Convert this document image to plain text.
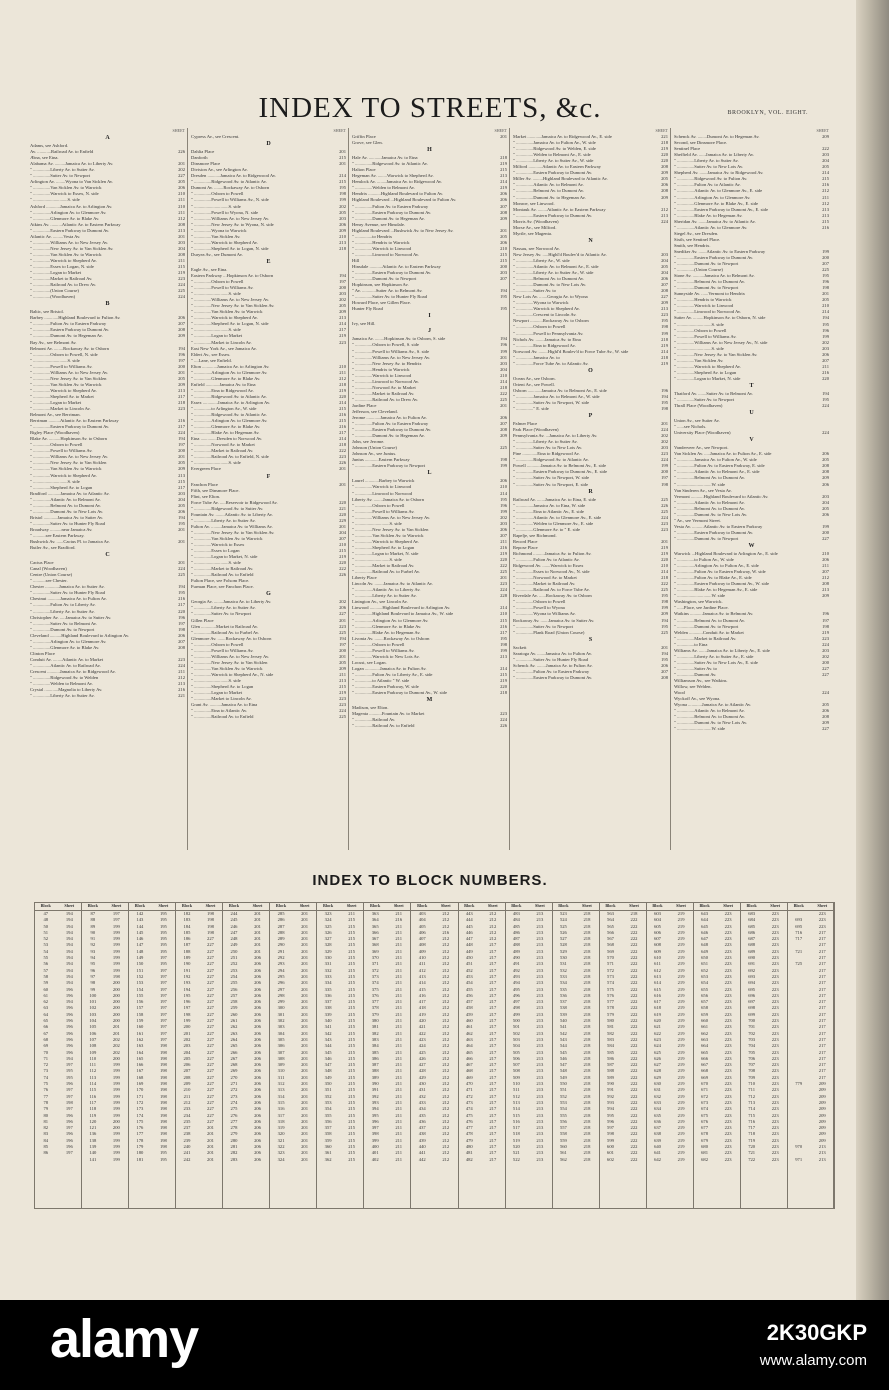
INDEX TO STREETS, &c.	BROOKLYN, VOL. EIGHT.
SHEET
A
Adams, see Ashford.
Av. ............Railroad Av. to Enfield	226
Ætna, see Etna.
Alabama Av. .........Jamaica Av. to Liberty Av.	201
" ...............Liberty Av. to Sutter Av.	202
" ...............Sutter Av. to Newport	227
Arlington Av. ........Wyona to Van Sicklen Av.	205
" ...............Van Sicklen Av. to Warwick	206
" ...............Warwick to Essex, N. side	210
" ..............................S. side	211
Ashford ............Jamaica Av. to Arlington Av.	210
" ...............Arlington Av. to Glenmore Av.	211
" ...............Glenmore Av. to Blake Av.	212
Atkins Av. ..........Atlantic Av. to Eastern Parkway	208
" ...............Eastern Parkway to Dumont Av.	213
Atlantic Av. .........Vesta Av.	201
" ...............Williams Av. to New Jersey Av.	203
" ...............New Jersey Av. to Van Sicklen Av.	204
" ...............Van Sicklen Av. to Warwick	208
" ...............Warwick to Shepherd Av.	211
" ...............Essex to Logan, N. side	215
" ...............Logan to Market	219
" ...............Market to Railroad Av.	223
" ...............Railroad Av. to Drew Av.	224
" ...............(Union Course)	225
" ...............(Woodhaven)	224
B
Baltic, see Bristol.
Barbey ............Highland Boulevard to Fulton Av.	206
" ...............Fulton Av. to Eastern Parkway	207
" ...............Eastern Parkway to Dumont Av.	208
" ...............Dumont Av. to Hegeman Av.	209
Bay Av., see Belmont Av.
Belmont Av. ........Rockaway Av. to Osborn	194
" ...............Osborn to Powell, N. side	196
" ..............................S. side	197
" ...............Powell to Williams Av.	200
" ...............Williams Av. to New Jersey Av.	201
" ...............New Jersey Av. to Van Sicklen	205
" ...............Van Sicklen Av. to Warwick	209
" ...............Warwick to Shepherd Av.	213
" ...............Shepherd Av. to Market	217
" ...............Logan to Market	218
" ...............Market to Lincoln Av.	223
Belmont Av., see Berriman.
Berriman ..........Atlantic Av. to Eastern Parkway	216
" ...............Eastern Parkway to Dumont Av.	217
Bigley Place (Woodhaven)	224
Blake Av. ..........Hopkinson Av. to Osborn	194
" ...............Osborn to Powell	197
" ...............Powell to Williams Av.	200
" ...............Williams Av. to New Jersey Av.	201
" ...............New Jersey Av. to Van Sicklen	205
" ...............Van Sicklen Av. to Warwick	209
" ...............Warwick to Shepherd Av.	213
" ..............................S. side	215
" ...............Shepherd Av. to Logan	217
Bradford ...........Jamaica Av. to Atlantic Av.	203
" ...............Atlantic Av. to Belmont Av.	204
" ...............Belmont Av. to Dumont Av.	205
" ...............Dumont Av. to New Lots Av.	206
Bristol ............Jamaica Av. to Sutter Av.	194
" ...............Sutter Av. to Hunter Fly Road	195
Broadway ..........near Jamaica Av.	201
" ...........see Eastern Parkway.
Bushwick Av. ......Cactus Pl. to Jamaica Av.	201
Butler Av., see Bradford.
C
Cactus Place	201
Canal (Woodhaven)	224
Centre (Union Course)	225
" ...........see Chester.
Chester ............Jamaica Av. to Sutter Av.	194
" ...............Sutter Av. to Hunter Fly Road	195
Chestnut ...........Jamaica Av. to Fulton Av.	216
" ...............Fulton Av. to Liberty Av.	217
" ...............Liberty Av. to Sutter Av.	220
Christopher Av. .....Jamaica Av. to Sutter Av.	196
" ...............Sutter Av. to Belmont Av.	197
" ...............Dumont Av. to Newport	198
Cleveland ..........Highland Boulevard to Arlington Av.	206
" ...............Arlington Av. to Glenmore Av.	207
" ...............Glenmore Av. to Blake Av.	208
Clinton Place
Conduit Av. ........Atlantic Av. to Market	223
" ...............Atlantic Av. to Railroad Av.	224
Crescent ...........Jamaica Av. to Ridgewood Av.	211
" ...............Ridgewood Av. to Welden	212
" ...............Welden to Belmont Av.	213
Crystal ............Magnolia to Liberty Av.	216
" ...............Liberty Av. to Sutter Av.	221
SHEET
Cypress Av., see Crescent.
D
Dahlia Place	201
Danforth	215
Dinsmore Place	201
Division Av., see Arlington Av.
Dresden ...........Jamaica Av. to Ridgewood Av.	214
" ...............Ridgewood Av. to Atlantic Av.	215
Dumont Av. ........Rockaway Av. to Osborn	195
" ...............Osborn to Powell	198
" ...............Powell to Williams Av., N. side	199
" ..............................S. side	202
" ...............Powell to Wyona, N. side	205
" ...............Williams Av. to New Jersey Av.	203
" ...............New Jersey Av. to Wyona, N. side	206
" ...............Wyona to Warwick	209
" ...............Van Sicklen Av.	210
" ...............Warwick to Shepherd Av.	213
" ...............Shepherd Av. to Logan, N. side	218
Duryea Av., see Dumont Av.
E
Eagle Av., see Etna.
Eastern Parkway ...Hopkinson Av. to Osborn	194
" ...............Osborn to Powell	197
" ...............Powell to Williams Av.	200
" ..............................S. side	203
" ...............Williams Av. to New Jersey Av.	202
" ...............New Jersey Av. to Van Sicklen Av.	205
" ...............Van Sicklen Av. to Warwick	209
" ...............Warwick to Shepherd Av.	213
" ...............Shepherd Av. to Logan, N. side	214
" ..............................S. side	217
" ...............Logan to Market	219
" ...............Market to Lincoln Av.	223
East New York Av., see Jamaica Av.
Eldert Av., see Essex.
" ....Lane, see Enfield.
Elton .............Jamaica Av. to Arlington Av.	210
" ...............Arlington Av. to Glenmore Av.	211
" ...............Glenmore Av. to Blake Av.	212
Enfield ............Jamaica Av. to Etna	218
" ...............Etna to Ridgewood Av.	219
" ...............Ridgewood Av. to Atlantic Av.	220
Essex .............Jamaica Av. to Arlington Av.	214
" ...............to Arlington Av., W. side	215
" ...............Ridgewood Av. to Atlantic Av.	216
" ...............Arlington Av. to Glenmore Av.	215
" ...............Glenmore Av. to Blake Av.	216
" ...............Blake Av. to Hegeman Av.	217
Etna ..............Dresden to Norwood Av.	214
" ...............Norwood Av. to Market	218
" ...............Market to Railroad Av.	222
" ...............Railroad Av. to Enfield, N. side	223
" ..............................S. side	226
Evergreen Place	201
F
Fanchon Place	201
Fifth, see Dinsmore Place.
Flint, see Elton.
Force Tube Av. .....Reservoir to Ridgewood Av.	220
" ...............Ridgewood Av. to Sutter Av.	221
Fountain Av. ........Atlantic Av. to Liberty Av.	220
" ...............Liberty Av. to Sutter Av.	229
Fulton Av. .........Jamaica Av. to Williams Av.	201
" ...............New Jersey Av. to Van Sicklen Av.	204
" ...............Van Sicklen Av. to Warwick	207
" ...............Warwick to Essex	210
" ...............Essex to Logan	215
" ...............Logan to Market, N. side	219
" ..............................S. side	220
" ...............Market to Railroad Av.	222
" ...............Railroad Av. to Enfield	226
Fulton Place, see Folsom Place.
Furman Place, see Fanchon Place.
G
Georgia Av. ........Jamaica Av. to Liberty Av.	202
" ...............Liberty Av. to Sutter Av.	206
" ...............Sutter Av. to Newport	227
Gillen Place	201
Glen .............Market to Railroad Av.	223
" ...............Railroad Av. to Furbel Av.	225
Glenmore Av. .......Rockaway Av. to Osborn	194
" ...............Osborn to Powell	197
" ...............Powell to Williams Av.	200
" ...............Williams Av. to New Jersey Av.	201
" ...............New Jersey Av. to Van Sicklen	205
" ...............Van Sicklen Av. to Warwick	209
" ...............Warwick to Shepherd Av., N. side	211
" ..............................S. side	213
" ...............Shepherd Av. to Logan	215
" ...............Logan to Market	219
" ...............Market to Lincoln Av.	223
Grant Av. ..........Jamaica Av. to Etna	223
" ...............Etna to Atlantic Av.	224
" ...............Railroad Av. to Enfield	225
SHEET
Griffin Place	201
Grove, see Glen.
H
Hale Av. ...........Jamaica Av. to Etna	218
" ...............Ridgewood Av. to Atlantic Av.	219
Halton Place	215
Hegeman Av. ........Warwick to Shepherd Av.	213
Hemlock Av. ........Jamaica Av. to Ridgewood Av.	214
" ...............Welden to Belmont Av.	219
Hendrix ...........Highland Boulevard to Fulton Av.	206
Highland Boulevard ...Highland Boulevard to Fulton Av.	206
" ...............Fulton Av. to Eastern Parkway	207
" ...............Eastern Parkway to Dumont Av.	208
" ...............Dumont Av. to Hegeman Av.	209
Henry Avenue, see Hinsdale.
Highland Boulevard ...Bushwick Av. to New Jersey Av.	201
" ...............to Hendrix	205
" ...............Hendrix to Warwick	206
" ...............Warwick to Linwood	210
" ...............Linwood to Norwood Av.	215
Hill	215
Hinsdale ...........Atlantic Av. to Eastern Parkway	200
" ...............Eastern Parkway to Dumont Av.	203
" ...............Dumont Av. to Newport	207
Hopkinson, see Hopkinson Av.
" Av. ............Sutter Av. to Belmont Av.	194
" ...............Sutter Av. to Hunter Fly Road	195
Howard Place, see Gillen Place.
Hunter Fly Road	195
I
Ivy, see Hill.
J
Jamaica Av. ........Hopkinson Av. to Osborn, S. side	194
" ...............Osborn to Powell, S. side	196
" ...............Powell to Williams Av., S. side	199
" ...............Williams Av. to New Jersey Av.	201
" ...............New Jersey Av. to Hendrix	203
" ...............Hendrix to Warwick	204
" ...............Warwick to Linwood	210
" ...............Linwood to Norwood Av.	214
" ...............Norwood Av. to Market	218
" ...............Market to Railroad Av.	222
" ...............Railroad Av. to Drew Av.	225
Jardine Place	201
Jefferson, see Cleveland.
Jerome ............Jamaica Av. to Fulton Av.	206
" ...............Fulton Av. to Eastern Parkway	207
" ...............Eastern Parkway to Dumont Av.	208
" ...............Dumont Av. to Hegeman Av.	209
John, see Jerome.
Johnson (Union Course)	225
Johnson Av., see Junius.
Junius ............Eastern Parkway	198
" ...............Eastern Parkway to Newport	199
L
Laurel ............Barbey to Warwick	206
" ...............Warwick to Linwood	210
" ...............Linwood to Norwood	214
Liberty Av. ........Jamaica Av. to Osborn	195
" ...............Osborn to Powell	196
" ...............Powell to Williams Av.	199
" ...............Williams Av. to New Jersey Av.	202
" ..............................S. side	203
" ...............New Jersey Av. to Van Sicklen	206
" ...............Van Sicklen Av. to Warwick	207
" ...............Warwick to Shepherd Av.	211
" ...............Shepherd Av. to Logan	216
" ...............Logan to Market, N. side	219
" ..............................S. side	220
" ...............Market to Railroad Av.	222
" ...............Railroad Av. to Furbel Av.	225
Liberty Place	201
Lincoln Av. ........Jamaica Av. to Atlantic Av.	223
" ...............Atlantic Av. to Liberty Av.	224
" ...............Liberty Av. to Sutter Av.	228
Linington Av., see Lincoln Av.
Linwood ...........Highland Boulevard to Arlington Av.	214
" ...............Highland Boulevard to Jamaica Av., W. side	210
" ...............Arlington Av. to Glenmore Av.	215
" ...............Glenmore Av. to Blake Av.	216
" ...............Blake Av. to Hegeman Av.	217
Livonia Av. ........Rockaway Av. to Osborn	195
" ...............Osborn to Powell	198
" ...............Powell to Williams Av.	199
" ...............Warwick to New Lots Av.	213
Locust, see Logan.
Logan .............Jamaica Av. to Fulton Av.	214
" ...............Fulton Av. to Liberty Av., E. side	215
" ...............to Atlantic " W. side	219
" ...............Eastern Parkway, W. side	220
" ...............Eastern Parkway to Dumont Av., W. side	218
M
Madison, see Elton.
Magenta ...........Fountain Av. to Market	223
" ...............Railroad Av.	224
" ...............Railroad Av. to Enfield	226
SHEET
Market ............Jamaica Av. to Ridgewood Av., E. side	221
" ...............Jamaica Av. to Fulton Av., W. side	218
" ...............Ridgewood Av. to Welden, E. side	219
" ...............Welden to Belmont Av., E. side	220
" ...............Liberty Av. to Sutter Av., W. side	220
Milford ............Atlantic Av. to Eastern Parkway	208
" ...............Eastern Parkway to Dumont Av.	209
Miller Av. .........Highland Boulevard to Atlantic Av.	205
" ...............Atlantic Av. to Belmont Av.	206
" ...............Belmont Av. to Dumont Av.	208
" ...............Dumont Av. to Hegeman Av.	209
Monroe, see Linwood.
Montauk Av. ........Atlantic Av. to Eastern Parkway	212
" ...............Eastern Parkway to Dumont Av.	213
Morris Av. (Woodhaven)	224
Morse Av., see Milford.
Myrtle, see Magenta.
N
Nassau, see Norwood Av.
New Jersey Av. .....Highl'd Boulev'd to Atlantic Av.	203
" ...............Liberty Av., W. side	204
" ...............Atlantic Av. to Belmont Av., E. side	205
" ...............Liberty Av. to Sutter Av., W. side	204
" ...............Belmont Av. to Dumont Av.	206
" ...............Dumont Av. to New Lots Av.	207
" ...............Sutter Av. to	208
New Lots Av. .......Georgia Av. to Wyona	227
" ...............Wyona to Warwick	209
" ...............Warwick to Shepherd Av.	213
" ...............Crescent to Lincoln Av.	223
Newport ...........Rockaway Av. to Osborn	195
" ...............Osborn to Powell	198
" ...............Powell to Pennsylvania Av.	199
Nichols Av. ........Jamaica Av. to Etna	218
" ...............Etna to Ridgewood Av.	219
Norwood Av. ........Highl'd Boulev'd to Force Tube Av., W. side	214
" ...............Jamaica Av. to	218
" ...............Force Tube Av. to Atlantic Av.	219
O
Ocean Av., see Osborn.
Orient Av., see Powell.
Osborn ............Jamaica Av. to Belmont Av., E. side	196
" ...............Jamaica Av. to Belmont Av., W. side	194
" ...............Sutter Av. to Newport, W. side	195
" ..............." E. side	198
P
Palmer Place	201
Park Place (Woodhaven)	224
Pennsylvania Av. ...Jamaica Av. to Liberty Av.	202
" ...............Liberty Av. to Sutter Av.	202
" ...............Sutter Av. to New Lots Av.	203
Pine .............Etna to Ridgewood Av.	223
" ...............Ridgewood Av. to Atlantic Av.	224
Powell ............Jamaica Av. to Belmont Av., E. side	199
" ...............Eastern Parkway to Dumont Av., E. side	200
" ...............Sutter Av. to Newport, W. side	197
" ...............Sutter Av. to Newport, E. side	198
R
Railroad Av. .......Jamaica Av. to Etna, E. side	225
" ...............Jamaica Av. to Etna, W. side	226
" ...............Etna to Atlantic Av., E. side	225
" ...............Atlantic Av. to Glenmore Av., E. side	224
" ...............Welden to Glenmore Av., E. side	223
" ...............Glenmore Av. to " E. side	223
Rapelje, see Richmond.
Record Place	201
Repose Place	219
Richmond ..........Jamaica Av. to Fulton Av.	219
" ...............Fulton Av. to Atlantic Av.	220
Ridgewood Av. .......Warwick to Essex	210
" ...............Essex to Norwood Av., N. side	214
" ...............Norwood Av. to Market	218
" ...............Market to Railroad Av.	222
" ...............Railroad Av. to Force Tube Av.	225
Riverdale Av. ......Rockaway Av. to Osborn	195
" ...............Osborn to Powell	198
" ...............Powell to Wyona	199
" ...............Wyona to Williams Av.	209
Rockaway Av. .......Jamaica Av. to Sutter Av.	194
" ...............Sutter Av. to Newport	195
" ...............Plank Road (Union Course)	225
S
Sackett	201
Saratoga Av. .......Jamaica Av. to Fulton Av.	194
" ...............Sutter Av. to Hunter Fly Road	195
Schenck Av. ........Jamaica Av. to Fulton Av.	206
" ...............Fulton Av. to Eastern Parkway	207
" ...............Eastern Parkway to Dumont Av.	208
SHEET
Schenck Av. ........Dumont Av. to Hegeman Av.	209
Second, see Dinsmore Place.
Sentinel Place	222
Sheffield Av. ......Jamaica Av. to Liberty Av.	203
" ...............Liberty Av. to Sutter Av.	204
" ...............Sutter Av. to New Lots Av.	205
Shepherd Av. .......Jamaica Av. to Ridgewood Av.	214
" ...............Ridgewood Av. to Fulton Av.	215
" ...............Fulton Av. to Atlantic Av.	216
" ...............Atlantic Av. to Glenmore Av., E. side	212
" ...............Arlington Av. to Glenmore Av.	211
" ...............Glenmore Av. to Blake Av., E. side	212
" ...............Eastern Parkway to Dumont Av., E. side	213
" ...............Blake Av. to Hegeman Av.	213
Sheridan Av. .......Jamaica Av. to Atlantic Av.	215
" ...............Atlantic Av. to Glenmore Av.	216
Siegel Av., see Dresden.
Sixth, see Sentinel Place.
Smith, see Hendrix.
Snediker Av. .......Atlantic Av. to Eastern Parkway	199
" ...............Eastern Parkway to Dumont Av.	200
" ...............Dumont Av. to Newport	207
" ...............(Union Course)	225
Stone Av. ..........Jamaica Av. to Belmont Av.	195
" ...............Belmont Av. to Dumont Av.	196
" ...............Dumont Av. to Newport	198
Sunnyside Av. ......Vermont to Hendrix	201
" ...............Hendrix to Warwick	205
" ...............Warwick to Linwood	210
" ...............Linwood to Norwood Av.	214
Sutter Av. .........Hopkinson Av. to Osborn, N. side	194
" ..............................S. side	195
" ...............Osborn to Powell	196
" ...............Powell to Williams Av.	199
" ...............Williams Av. to New Jersey Av., N. side	202
" ..............................S. side	203
" ...............New Jersey Av. to Van Sicklen Av.	206
" ...............Van Sicklen Av.	207
" ...............Warwick to Shepherd Av.	211
" ...............Shepherd Av. to Logan	216
" ...............Logan to Market, N. side	220
T
Thatford Av. .......Sutter Av. to Belmont Av.	194
" ...............Sutter Av. to Newport	195
Thrall Place (Woodhaven)	224
U
Union Av., see Sutter Av.
" ......see Nichols.
University Place (Woodhaven)	224
V
Vanderveer Av., see Newport.
Van Sicklen Av. .....Jamaica Av. to Fulton Av., E. side	206
" ...............Jamaica Av. to Fulton Av., W. side	205
" ...............Fulton Av. to Eastern Parkway, E. side	208
" ...............Atlantic Av. to Belmont Av., E. side	208
" ...............Belmont Av. to Dumont Av.	209
" ..............................W. side	206
Van Sinderen Av., see Vesta Av.
Vermont ...........Highland Boulevard to Atlantic Av.	203
" ...............Atlantic Av. to Belmont Av.	204
" ...............Belmont Av. to Dumont Av.	205
" ...............Dumont Av. to New Lots Av.	206
" Av., see Vermont Street.
Vesta Av. ..........Atlantic Av. to Eastern Parkway	199
" ...............Eastern Parkway to Dumont Av.	200
" ...............Dumont Av. to Newport	227
W
Warwick ...Highland Boulevard to Arlington Av., E. side	210
" ...............to Fulton Av., W. side	206
" ...............Arlington Av. to Fulton Av., E. side	211
" ...............Fulton Av. to Eastern Parkway, W. side	207
" ...............Fulton Av. to Blake Av., E. side	212
" ...............Eastern Parkway to Dumont Av., W. side	208
" ...............Blake Av. to Hegeman Av., E. side	213
" ..............................W. side	209
Washington, see Warwick.
" ......Place, see Jardine Place.
Watkins ...........Jamaica Av. to Belmont Av.	196
" ...............Belmont Av. to Dumont Av.	197
" ...............Dumont Av. to Newport	198
Welden ............Conduit Av. to Market	219
" ...............Market to Railroad Av.	223
" ...............to Etna	224
Williams Av. .......Jamaica Av. to Liberty Av., E. side	203
" ...............Liberty Av. to Sutter Av., E. side	202
" ...............Sutter Av. to New Lots Av., E. side	200
" ...............Sutter Av. to	227
" ...............Dumont Av.	227
Williamson Av., see Watkins.
Willow, see Welden.
Wood	224
Wyckoff Av., see Wyona.
Wyona ............Jamaica Av. to Atlantic Av.	205
" ...............Atlantic Av. to Belmont Av.	206
" ...............Belmont Av. to Dumont Av.	208
" ...............Dumont Av. to New Lots Av.	209
" ..............................W. side	227
INDEX TO BLOCK NUMBERS.
Block	Sheet
47	194
48	194
50	194
51	194
52	194
53	194
54	194
55	194
56	194
57	194
58	194
59	194
60	196
61	196
62	194
63	196
64	196
65	196
66	196
67	196
68	196
69	196
70	196
71	194
72	197
73	195
74	195
75	196
76	197
77	197
78	198
79	197
80	196
81	196
82	197
83	196
84	196
85	196
86	197
Block	Sheet
87	197
88	197
89	199
90	199
91	199
92	199
93	199
94	199
95	199
96	199
97	198
98	200
99	200
100	200
101	200
102	200
103	200
104	200
105	201
106	201
107	202
108	202
109	202
110	200
111	199
112	199
113	199
114	199
115	199
116	199
117	199
118	199
119	199
120	200
121	200
136	199
138	199
139	199
140	199
141	199
Block	Sheet
142	195
143	195
144	195
145	195
146	195
147	195
148	195
149	197
150	195
151	197
152	197
153	197
154	197
155	197
156	197
157	197
158	197
159	197
160	197
161	197
162	197
163	198
164	198
165	198
166	198
167	198
168	198
169	198
170	198
171	198
172	198
173	198
174	198
175	198
176	198
177	198
178	198
179	198
180	195
181	195
Block	Sheet
182	198
183	198
184	198
185	198
186	227
187	227
188	227
189	227
190	227
191	227
192	227
193	227
194	227
195	227
196	227
197	227
198	227
199	227
200	227
201	227
202	227
203	227
204	227
205	227
206	227
207	227
208	227
209	227
210	227
211	227
212	227
233	227
234	227
235	227
237	201
238	201
239	201
240	201
241	201
242	201
Block	Sheet
244	201
245	201
246	201
247	201
248	201
249	201
250	201
251	206
252	206
253	206
254	206
255	206
256	206
257	206
258	206
259	206
260	206
261	206
262	206
263	206
264	206
265	206
266	206
267	206
268	206
269	206
270	206
271	206
272	206
273	206
274	206
275	206
276	206
277	206
278	206
279	206
280	206
281	206
282	206
283	206
Block	Sheet
285	201
286	201
287	201
288	201
289	201
290	201
291	201
292	201
293	201
294	201
295	201
296	201
297	201
298	201
299	201
300	201
301	201
302	201
303	201
304	201
305	201
306	201
307	201
308	201
309	201
310	201
311	201
312	201
313	201
314	201
315	201
316	201
317	201
318	201
319	201
320	201
321	201
322	201
323	201
324	201
Block	Sheet
323	211
324	215
325	215
326	215
327	215
328	215
329	215
330	215
331	215
332	215
333	215
334	215
335	215
336	215
337	215
338	215
339	215
340	215
341	215
342	215
343	215
344	215
345	215
346	215
347	215
348	215
349	215
350	215
351	215
352	215
353	215
354	215
355	215
356	215
357	215
358	215
359	215
360	215
361	215
362	215
Block	Sheet
363	211
364	216
365	211
366	211
367	211
368	211
369	211
370	211
371	211
372	211
373	211
374	211
375	211
376	211
377	211
378	211
379	211
380	211
381	211
382	211
383	211
384	211
385	211
386	211
387	211
388	211
389	211
390	211
391	211
392	211
393	211
394	211
395	211
396	211
397	211
398	211
399	211
400	211
401	211
402	211
Block	Sheet
403	212
404	212
405	212
406	216
407	212
408	212
409	212
410	212
411	212
412	212
413	212
414	212
415	212
416	212
417	212
418	212
419	212
420	212
421	212
422	212
423	212
424	212
425	212
426	212
427	212
428	212
429	212
430	212
431	212
432	212
433	212
434	212
435	212
436	212
437	212
438	212
439	212
440	212
441	212
442	212
Block	Sheet
443	212
444	212
445	212
446	212
447	212
448	217
449	217
450	217
451	217
452	217
453	217
454	217
455	217
456	217
457	217
458	217
459	217
460	217
461	217
462	217
463	217
464	217
465	217
466	217
467	217
468	217
469	217
470	217
471	217
472	217
473	217
474	217
475	217
476	217
477	217
478	217
479	217
480	217
481	217
482	217
Block	Sheet
483	213
484	213
485	213
486	213
487	213
488	213
489	213
490	213
491	213
492	213
493	213
494	213
495	213
496	213
497	213
498	213
499	213
500	213
501	213
502	213
503	213
504	213
505	213
506	213
507	213
508	213
509	213
510	213
511	213
512	213
513	213
514	213
515	213
516	213
517	213
518	213
519	213
520	213
521	213
522	213
Block	Sheet
523	218
524	218
525	218
526	218
527	218
528	218
529	218
530	218
531	218
532	218
533	218
534	218
535	218
536	218
537	218
538	218
539	218
540	218
541	218
542	218
543	218
544	218
545	218
546	218
547	218
548	218
549	218
550	218
551	218
552	218
553	218
554	218
555	218
556	218
557	218
558	218
559	218
560	218
561	218
562	218
Block	Sheet
563	218
564	222
565	222
566	222
567	222
568	222
569	222
570	222
571	222
572	222
573	222
574	222
575	222
576	222
577	222
578	222
579	222
580	222
581	222
582	222
583	222
584	222
585	222
586	222
587	222
588	222
589	222
590	222
591	222
592	222
593	222
594	222
595	222
596	222
597	222
598	222
599	222
600	222
601	222
602	222
Block	Sheet
603	219
604	219
605	219
606	219
607	219
608	219
609	219
610	219
611	219
612	219
613	219
614	219
615	219
616	219
617	219
618	219
619	219
620	219
621	219
622	219
623	219
624	219
625	219
626	219
627	219
628	219
629	219
630	219
631	219
632	219
633	219
634	219
635	219
636	219
637	219
638	219
639	219
640	219
641	219
642	219
Block	Sheet
643	223
644	223
645	223
646	223
647	223
648	223
649	223
650	223
651	223
652	223
653	223
654	223
655	223
656	223
657	223
658	223
659	223
660	223
661	223
662	223
663	223
664	223
665	223
666	223
667	223
668	223
669	223
670	223
671	223
672	223
673	223
674	223
675	223
676	223
677	223
678	223
679	223
680	223
681	223
682	223
Block	Sheet
683	223
684	223
685	223
686	223
687	223
688	223
689	223
690	223
691	223
692	223
693	223
694	223
695	223
696	223
697	223
698	223
699	223
700	223
701	223
702	223
703	223
704	223
705	223
706	223
707	223
708	223
709	223
710	223
711	223
712	223
713	223
714	223
715	223
716	223
717	223
718	223
719	223
720	223
721	223
722	223
Block	Sheet
223
693	223
695	223
716	217
717	217
217
721	217
217
725	217
217
217
217
217
217
217
217
217
217
217
217
217
217
217
217
217
217
217
779	209
209
209
209
209
209
209
209
209
209
970	213
213
971	213
alamy	2K30GKP
www.alamy.com
